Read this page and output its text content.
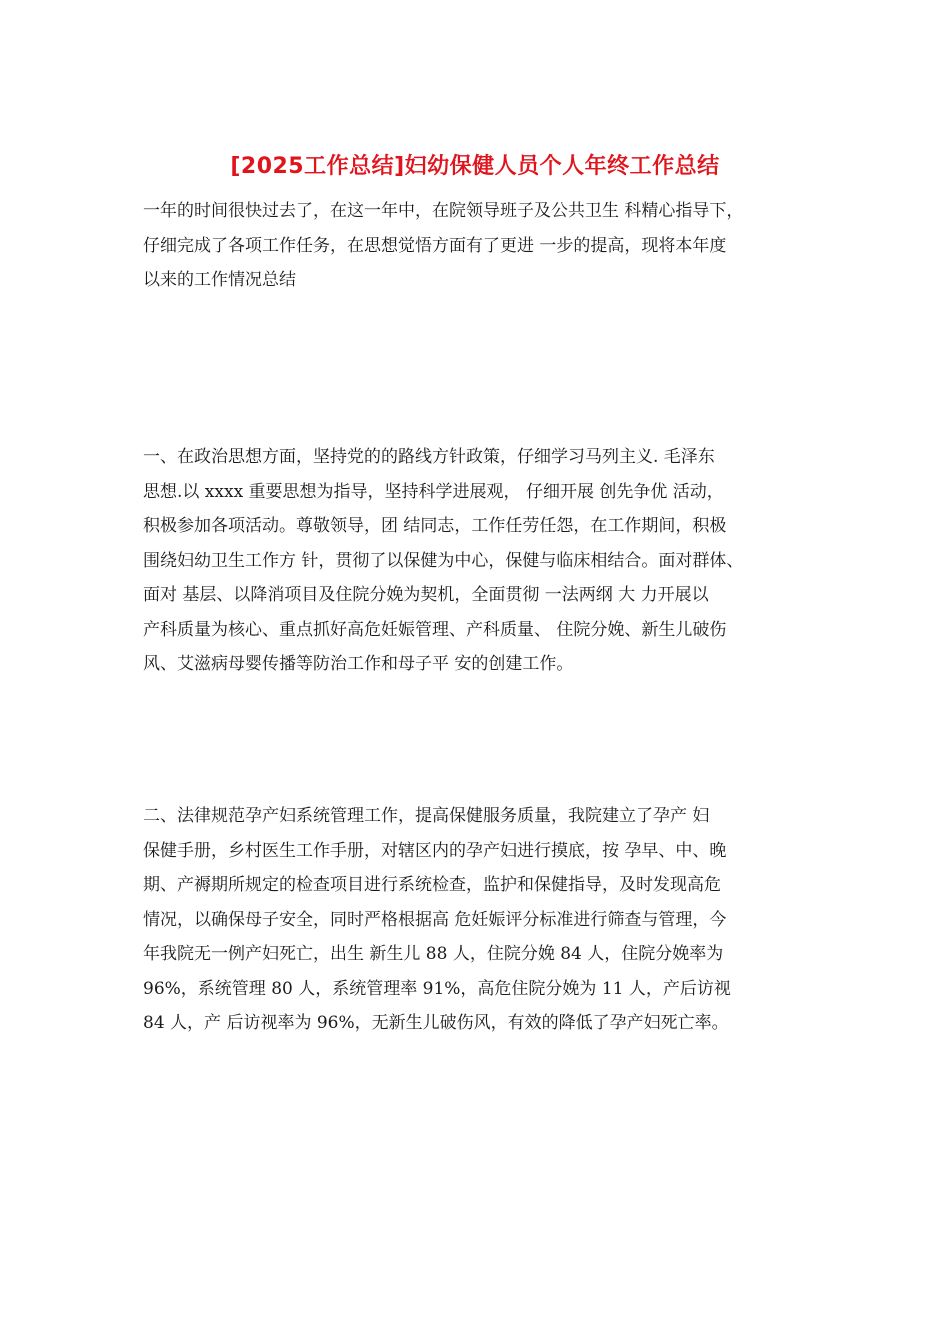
[2025工作总结]妇幼保健人员个人年终工作总结
一年的时间很快过去了，在这一年中，在院领导班子及公共卫生 科精心指导下，
仔细完成了各项工作任务，在思想觉悟方面有了更进 一步的提高，现将本年度
以来的工作情况总结
一、在政治思想方面，坚持党的的路线方针政策，仔细学习马列主义. 毛泽东
思想.以 xxxx 重要思想为指导，坚持科学进展观， 仔细开展 创先争优 活动，
积极参加各项活动。尊敬领导，团 结同志，工作任劳任怨，在工作期间，积极
围绕妇幼卫生工作方 针，贯彻了以保健为中心，保健与临床相结合。面对群体、
面对 基层、以降消项目及住院分娩为契机，全面贯彻 一法两纲 大 力开展以
产科质量为核心、重点抓好高危妊娠管理、产科质量、 住院分娩、新生儿破伤
风、艾滋病母婴传播等防治工作和母子平 安的创建工作。
二、法律规范孕产妇系统管理工作，提高保健服务质量，我院建立了孕产 妇
保健手册，乡村医生工作手册，对辖区内的孕产妇进行摸底，按 孕早、中、晚
期、产褥期所规定的检查项目进行系统检查，监护和保健指导，及时发现高危
情况，以确保母子安全，同时严格根据高 危妊娠评分标准进行筛查与管理，今
年我院无一例产妇死亡，出生 新生儿 88 人，住院分娩 84 人，住院分娩率为
96%，系统管理 80 人，系统管理率 91%，高危住院分娩为 11 人，产后访视
84 人，产 后访视率为 96%，无新生儿破伤风，有效的降低了孕产妇死亡率。
